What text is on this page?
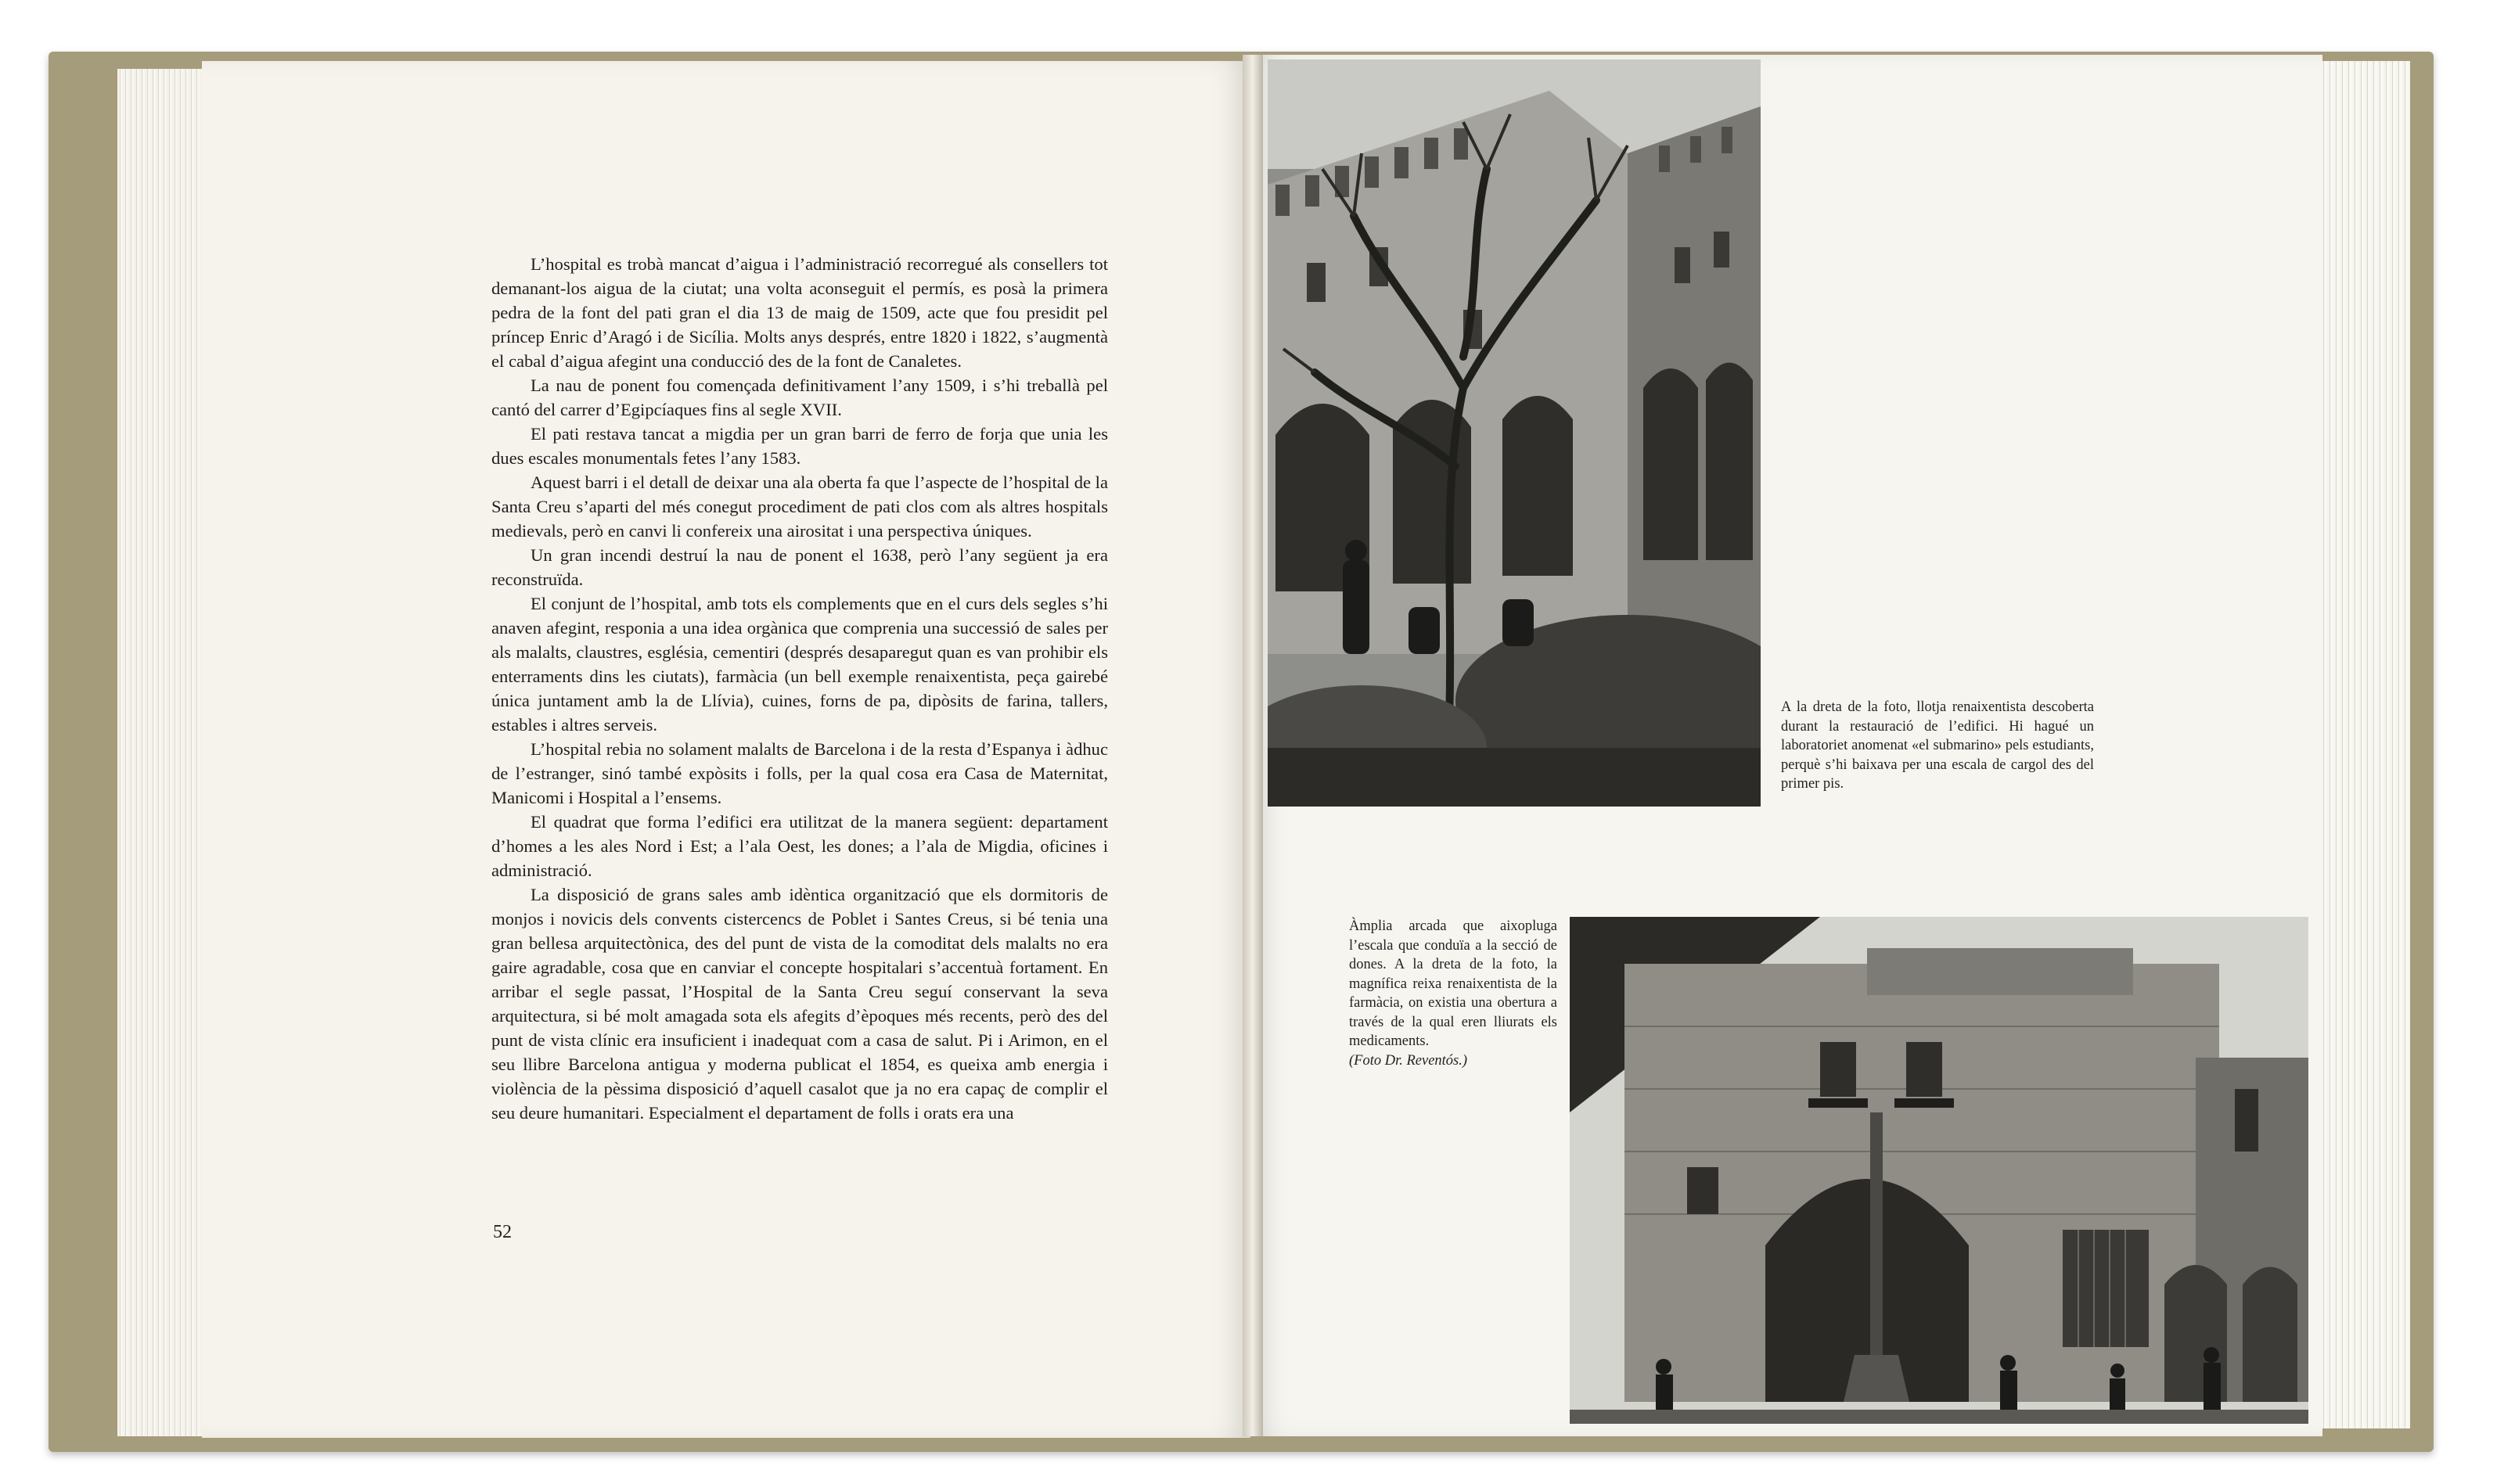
L’hospital es trobà mancat d’aigua i l’administració recorregué als consellers tot demanant-los aigua de la ciutat; una volta aconseguit el permís, es posà la primera pedra de la font del pati gran el dia 13 de maig de 1509, acte que fou presidit pel príncep Enric d’Aragó i de Sicília. Molts anys després, entre 1820 i 1822, s’augmentà el cabal d’aigua afegint una conducció des de la font de Canaletes.

La nau de ponent fou començada definitivament l’any 1509, i s’hi treballà pel cantó del carrer d’Egipcíaques fins al segle XVII.

El pati restava tancat a migdia per un gran barri de ferro de forja que unia les dues escales monumentals fetes l’any 1583.

Aquest barri i el detall de deixar una ala oberta fa que l’aspecte de l’hospital de la Santa Creu s’aparti del més conegut procediment de pati clos com als altres hospitals medievals, però en canvi li confereix una airositat i una perspectiva úniques.

Un gran incendi destruí la nau de ponent el 1638, però l’any següent ja era reconstruïda.

El conjunt de l’hospital, amb tots els complements que en el curs dels segles s’hi anaven afegint, responia a una idea orgànica que comprenia una successió de sales per als malalts, claustres, església, cementiri (després desaparegut quan es van prohibir els enterraments dins les ciutats), farmàcia (un bell exemple renaixentista, peça gairebé única juntament amb la de Llívia), cuines, forns de pa, dipòsits de farina, tallers, estables i altres serveis.

L’hospital rebia no solament malalts de Barcelona i de la resta d’Espanya i àdhuc de l’estranger, sinó també expòsits i folls, per la qual cosa era Casa de Maternitat, Manicomi i Hospital a l’ensems.

El quadrat que forma l’edifici era utilitzat de la manera següent: departament d’homes a les ales Nord i Est; a l’ala Oest, les dones; a l’ala de Migdia, oficines i administració.

La disposició de grans sales amb idèntica organització que els dormitoris de monjos i novicis dels convents cistercencs de Poblet i Santes Creus, si bé tenia una gran bellesa arquitectònica, des del punt de vista de la comoditat dels malalts no era gaire agradable, cosa que en canviar el concepte hospitalari s’accentuà fortament. En arribar el segle passat, l’Hospital de la Santa Creu seguí conservant la seva arquitectura, si bé molt amagada sota els afegits d’èpoques més recents, però des del punt de vista clínic era insuficient i inadequat com a casa de salut. Pi i Arimon, en el seu llibre Barcelona antigua y moderna publicat el 1854, es queixa amb energia i violència de la pèssima disposició d’aquell casalot que ja no era capaç de complir el seu deure humanitari. Especialment el departament de folls i orats era una

52
A la dreta de la foto, llotja renaixentista descoberta durant la restauració de l’edifici. Hi hagué un laboratoriet anomenat «el submarino» pels estudiants, perquè s’hi baixava per una escala de cargol des del primer pis.
Àmplia arcada que aixopluga l’escala que conduïa a la secció de dones. A la dreta de la foto, la magnífica reixa renaixentista de la farmàcia, on existia una obertura a través de la qual eren lliurats els medicaments.
(Foto Dr. Reventós.)
